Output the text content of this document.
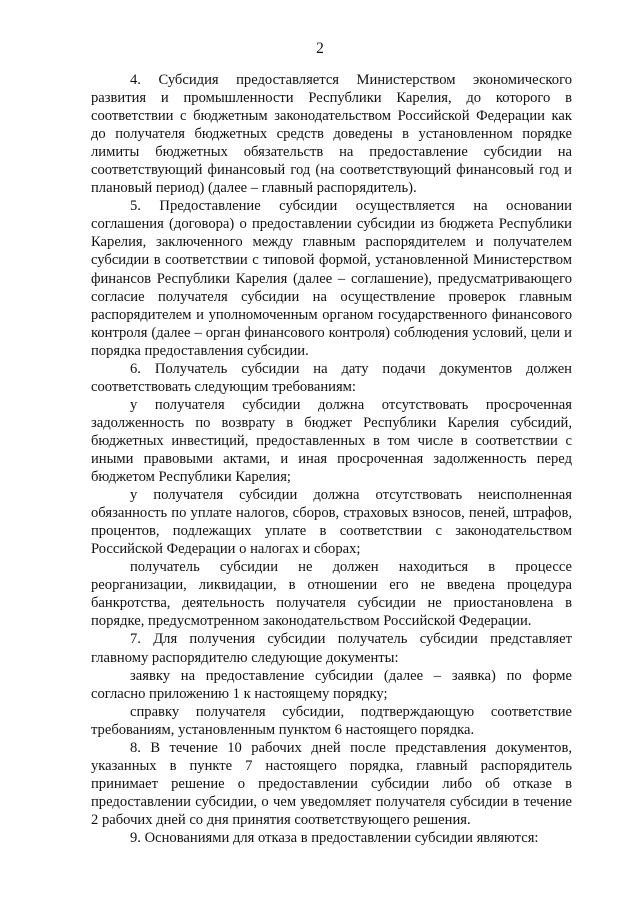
2

4. Субсидия предоставляется Министерством экономического развития и промышленности Республики Карелия, до которого в соответствии с бюджетным законодательством Российской Федерации как до получателя бюджетных средств доведены в установленном порядке лимиты бюджетных обязательств на предоставление субсидии на соответствующий финансовый год (на соответствующий финансовый год и плановый период) (далее – главный распорядитель).

5. Предоставление субсидии осуществляется на основании соглашения (договора) о предоставлении субсидии из бюджета Республики Карелия, заключенного между главным распорядителем и получателем субсидии в соответствии с типовой формой, установленной Министерством финансов Республики Карелия (далее – соглашение), предусматривающего согласие получателя субсидии на осуществление проверок главным распорядителем и уполномоченным органом государственного финансового контроля (далее – орган финансового контроля) соблюдения условий, цели и порядка предоставления субсидии.

6. Получатель субсидии на дату подачи документов должен соответствовать следующим требованиям:

у получателя субсидии должна отсутствовать просроченная задолженность по возврату в бюджет Республики Карелия субсидий, бюджетных инвестиций, предоставленных в том числе в соответствии с иными правовыми актами, и иная просроченная задолженность перед бюджетом Республики Карелия;

у получателя субсидии должна отсутствовать неисполненная обязанность по уплате налогов, сборов, страховых взносов, пеней, штрафов, процентов, подлежащих уплате в соответствии с законодательством Российской Федерации о налогах и сборах;

получатель субсидии не должен находиться в процессе реорганизации, ликвидации, в отношении его не введена процедура банкротства, деятельность получателя субсидии не приостановлена в порядке, предусмотренном законодательством Российской Федерации.

7. Для получения субсидии получатель субсидии представляет главному распорядителю следующие документы:

заявку на предоставление субсидии (далее – заявка) по форме согласно приложению 1 к настоящему порядку;

справку получателя субсидии, подтверждающую соответствие требованиям, установленным пунктом 6 настоящего порядка.

8. В течение 10 рабочих дней после представления документов, указанных в пункте 7 настоящего порядка, главный распорядитель принимает решение о предоставлении субсидии либо об отказе в предоставлении субсидии, о чем уведомляет получателя субсидии в течение 2 рабочих дней со дня принятия соответствующего решения.

9. Основаниями для отказа в предоставлении субсидии являются:
